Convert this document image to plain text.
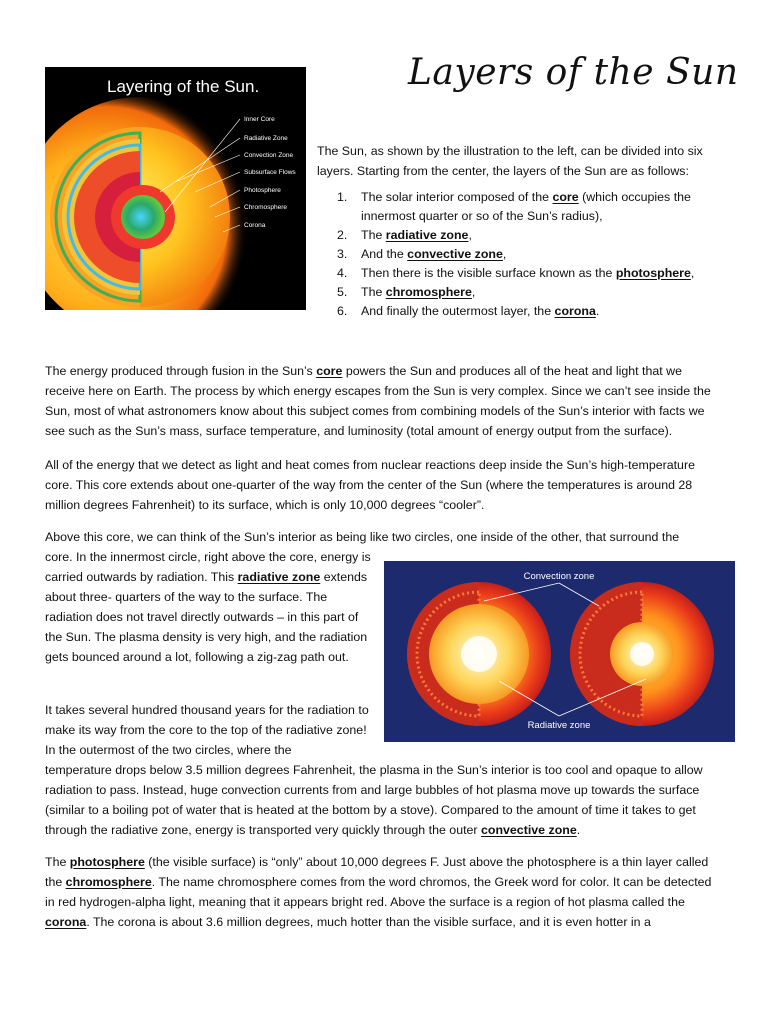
Layers of the Sun
Layering of the Sun.
Inner Core
Radiative Zone
Convection Zone
Subsurface Flows
Photosphere
Chromosphere
Corona

The Sun, as shown by the illustration to the left, can be divided into six layers. Starting from the center, the layers of the Sun are as follows:

1. The solar interior composed of the core (which occupies the innermost quarter or so of the Sun’s radius),
2. The radiative zone,
3. And the convective zone,
4. Then there is the visible surface known as the photosphere,
5. The chromosphere,
6. And finally the outermost layer, the corona.

The energy produced through fusion in the Sun’s core powers the Sun and produces all of the heat and light that we receive here on Earth. The process by which energy escapes from the Sun is very complex. Since we can’t see inside the Sun, most of what astronomers know about this subject comes from combining models of the Sun’s interior with facts we see such as the Sun’s mass, surface temperature, and luminosity (total amount of energy output from the surface).

All of the energy that we detect as light and heat comes from nuclear reactions deep inside the Sun’s high-temperature core. This core extends about one-quarter of the way from the center of the Sun (where the temperatures is around 28 million degrees Fahrenheit) to its surface, which is only 10,000 degrees “cooler”.

Above this core, we can think of the Sun’s interior as being like two circles, one inside of the other, that surround the

core. In the innermost circle, right above the core, energy is carried outwards by radiation. This radiative zone extends about three- quarters of the way to the surface. The radiation does not travel directly outwards – in this part of the Sun. The plasma density is very high, and the radiation gets bounced around a lot, following a zig-zag path out.

Convection zone
Radiative zone

It takes several hundred thousand years for the radiation to make its way from the core to the top of the radiative zone! In the outermost of the two circles, where the

temperature drops below 3.5 million degrees Fahrenheit, the plasma in the Sun’s interior is too cool and opaque to allow radiation to pass. Instead, huge convection currents from and large bubbles of hot plasma move up towards the surface (similar to a boiling pot of water that is heated at the bottom by a stove). Compared to the amount of time it takes to get through the radiative zone, energy is transported very quickly through the outer convective zone.

The photosphere (the visible surface) is “only” about 10,000 degrees F. Just above the photosphere is a thin layer called the chromosphere. The name chromosphere comes from the word chromos, the Greek word for color. It can be detected in red hydrogen-alpha light, meaning that it appears bright red. Above the surface is a region of hot plasma called the corona. The corona is about 3.6 million degrees, much hotter than the visible surface, and it is even hotter in a
